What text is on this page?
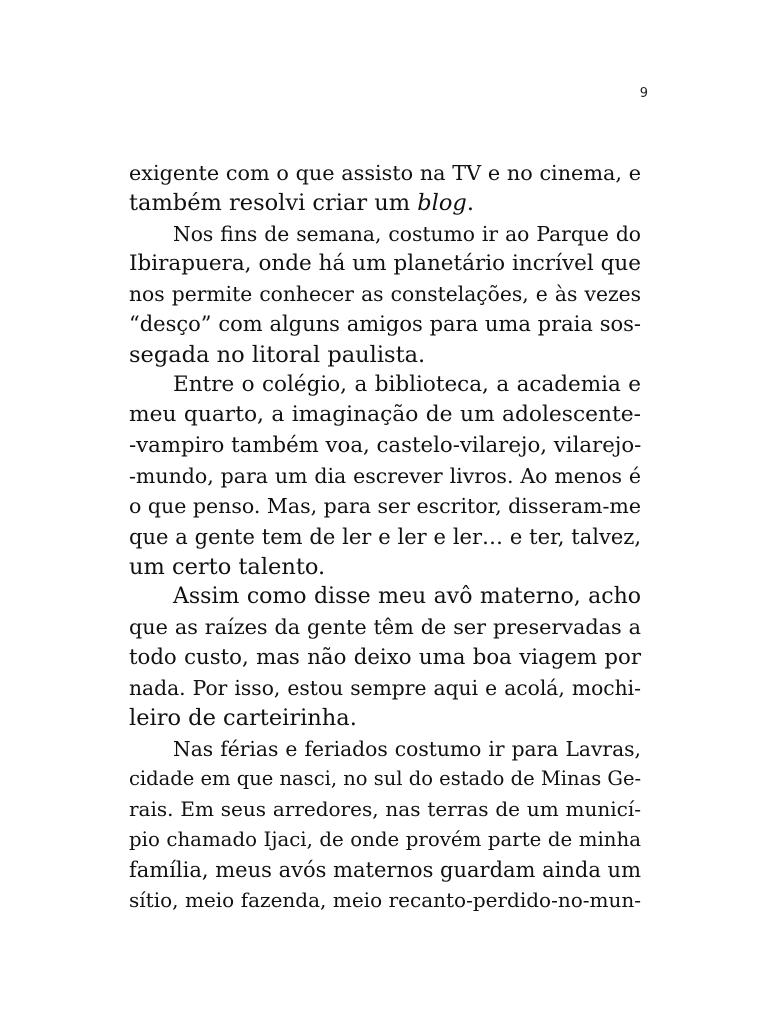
9
exigente com o que assisto na TV e no cinema, e
também resolvi criar um blog.
Nos fins de semana, costumo ir ao Parque do
Ibirapuera, onde há um planetário incrível que
nos permite conhecer as constelações, e às vezes
“desço” com alguns amigos para uma praia sos-
segada no litoral paulista.
Entre o colégio, a biblioteca, a academia e
meu quarto, a imaginação de um adolescente-
-vampiro também voa, castelo-vilarejo, vilarejo-
-mundo, para um dia escrever livros. Ao menos é
o que penso. Mas, para ser escritor, disseram-me
que a gente tem de ler e ler e ler… e ter, talvez,
um certo talento.
Assim como disse meu avô materno, acho
que as raízes da gente têm de ser preservadas a
todo custo, mas não deixo uma boa viagem por
nada. Por isso, estou sempre aqui e acolá, mochi-
leiro de carteirinha.
Nas férias e feriados costumo ir para Lavras,
cidade em que nasci, no sul do estado de Minas Ge-
rais. Em seus arredores, nas terras de um municí-
pio chamado Ijaci, de onde provém parte de minha
família, meus avós maternos guardam ainda um
sítio, meio fazenda, meio recanto-perdido-no-mun-
